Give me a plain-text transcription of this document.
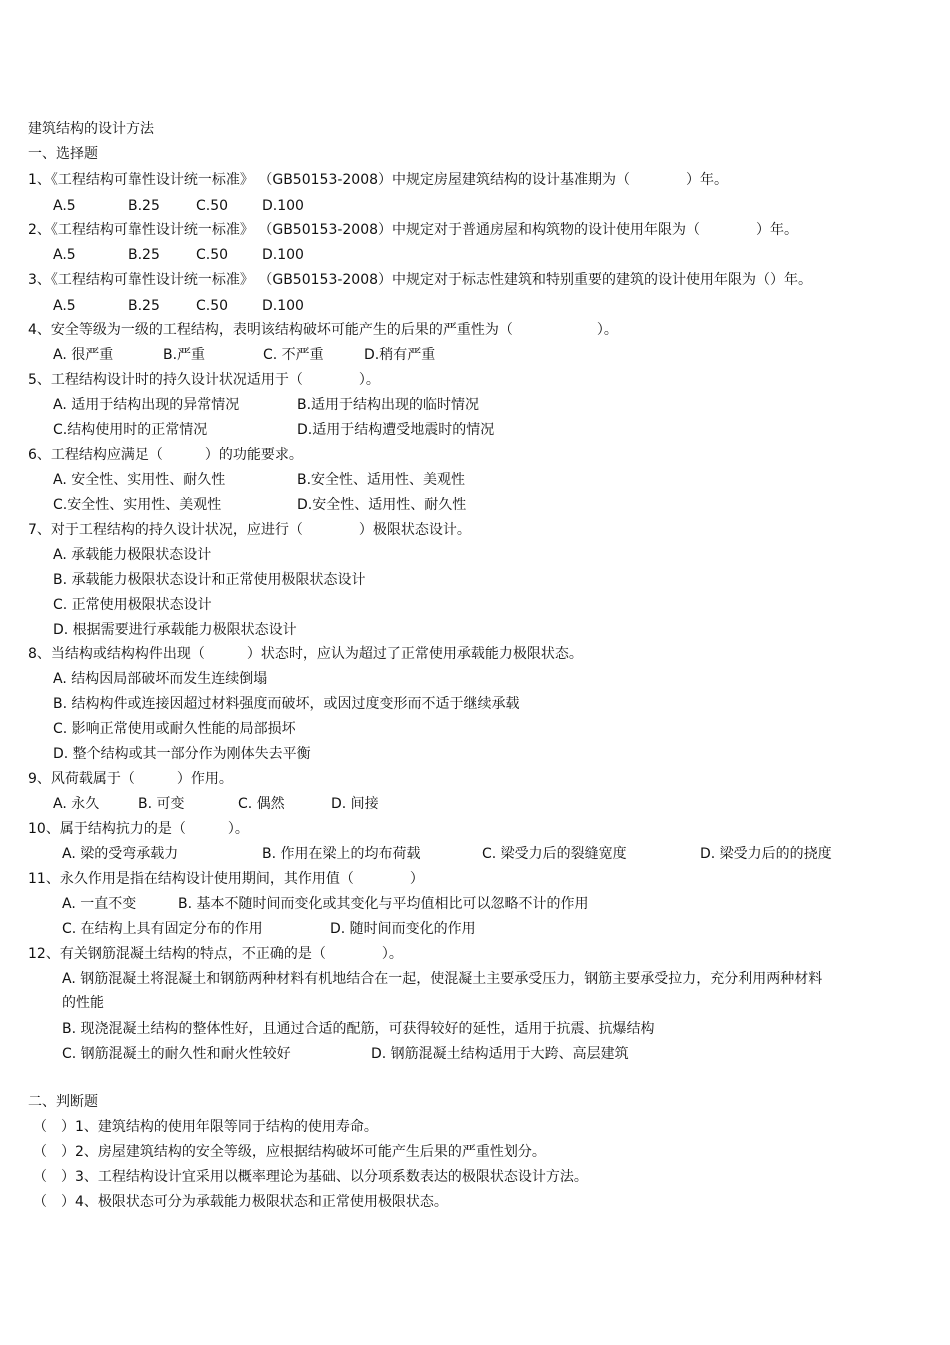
建筑结构的设计方法
一、选择题
1、《工程结构可靠性设计统一标准》 （GB50153-2008）中规定房屋建筑结构的设计基准期为（　　　　）年。
A.5	B.25	C.50 D.100
2、《工程结构可靠性设计统一标准》 （GB50153-2008）中规定对于普通房屋和构筑物的设计使用年限为（　　　　）年。
A.5	B.25	C.50 D.100
3、《工程结构可靠性设计统一标准》 （GB50153-2008）中规定对于标志性建筑和特别重要的建筑的设计使用年限为（）年。
A.5	B.25	C.50 D.100
4、安全等级为一级的工程结构，表明该结构破坏可能产生的后果的严重性为（　　　　　　）。
A. 很严重	B.严重	C. 不严重	D.稍有严重
5、工程结构设计时的持久设计状况适用于（　　　　）。
A. 适用于结构出现的异常情况	B.适用于结构出现的临时情况
C.结构使用时的正常情况	D.适用于结构遭受地震时的情况
6、工程结构应满足（　　　）的功能要求。
A. 安全性、实用性、耐久性	B.安全性、适用性、美观性
C.安全性、实用性、美观性	D.安全性、适用性、耐久性
7、对于工程结构的持久设计状况，应进行（　　　　）极限状态设计。
A. 承载能力极限状态设计
B. 承载能力极限状态设计和正常使用极限状态设计
C. 正常使用极限状态设计
D. 根据需要进行承载能力极限状态设计
8、当结构或结构构件出现（　　　）状态时，应认为超过了正常使用承载能力极限状态。
A. 结构因局部破坏而发生连续倒塌
B. 结构构件或连接因超过材料强度而破坏，或因过度变形而不适于继续承载
C. 影响正常使用或耐久性能的局部损坏
D. 整个结构或其一部分作为刚体失去平衡
9、风荷载属于（　　　）作用。
A. 永久	B. 可变	C. 偶然	D. 间接
10、属于结构抗力的是（　　　）。
A. 梁的受弯承载力	B. 作用在梁上的均布荷载	C. 梁受力后的裂缝宽度	D. 梁受力后的的挠度
11、永久作用是指在结构设计使用期间，其作用值（　　　　）
A. 一直不变	B. 基本不随时间而变化或其变化与平均值相比可以忽略不计的作用
C. 在结构上具有固定分布的作用	D. 随时间而变化的作用
12、有关钢筋混凝土结构的特点，不正确的是（　　　　）。
A. 钢筋混凝土将混凝土和钢筋两种材料有机地结合在一起，使混凝土主要承受压力，钢筋主要承受拉力，充分利用两种材料的性能
B. 现浇混凝土结构的整体性好，且通过合适的配筋，可获得较好的延性，适用于抗震、抗爆结构
C. 钢筋混凝土的耐久性和耐火性较好	D. 钢筋混凝土结构适用于大跨、高层建筑
二、判断题
（　）1、建筑结构的使用年限等同于结构的使用寿命。
（　）2、房屋建筑结构的安全等级，应根据结构破坏可能产生后果的严重性划分。
（　）3、工程结构设计宜采用以概率理论为基础、以分项系数表达的极限状态设计方法。
（　）4、极限状态可分为承载能力极限状态和正常使用极限状态。
